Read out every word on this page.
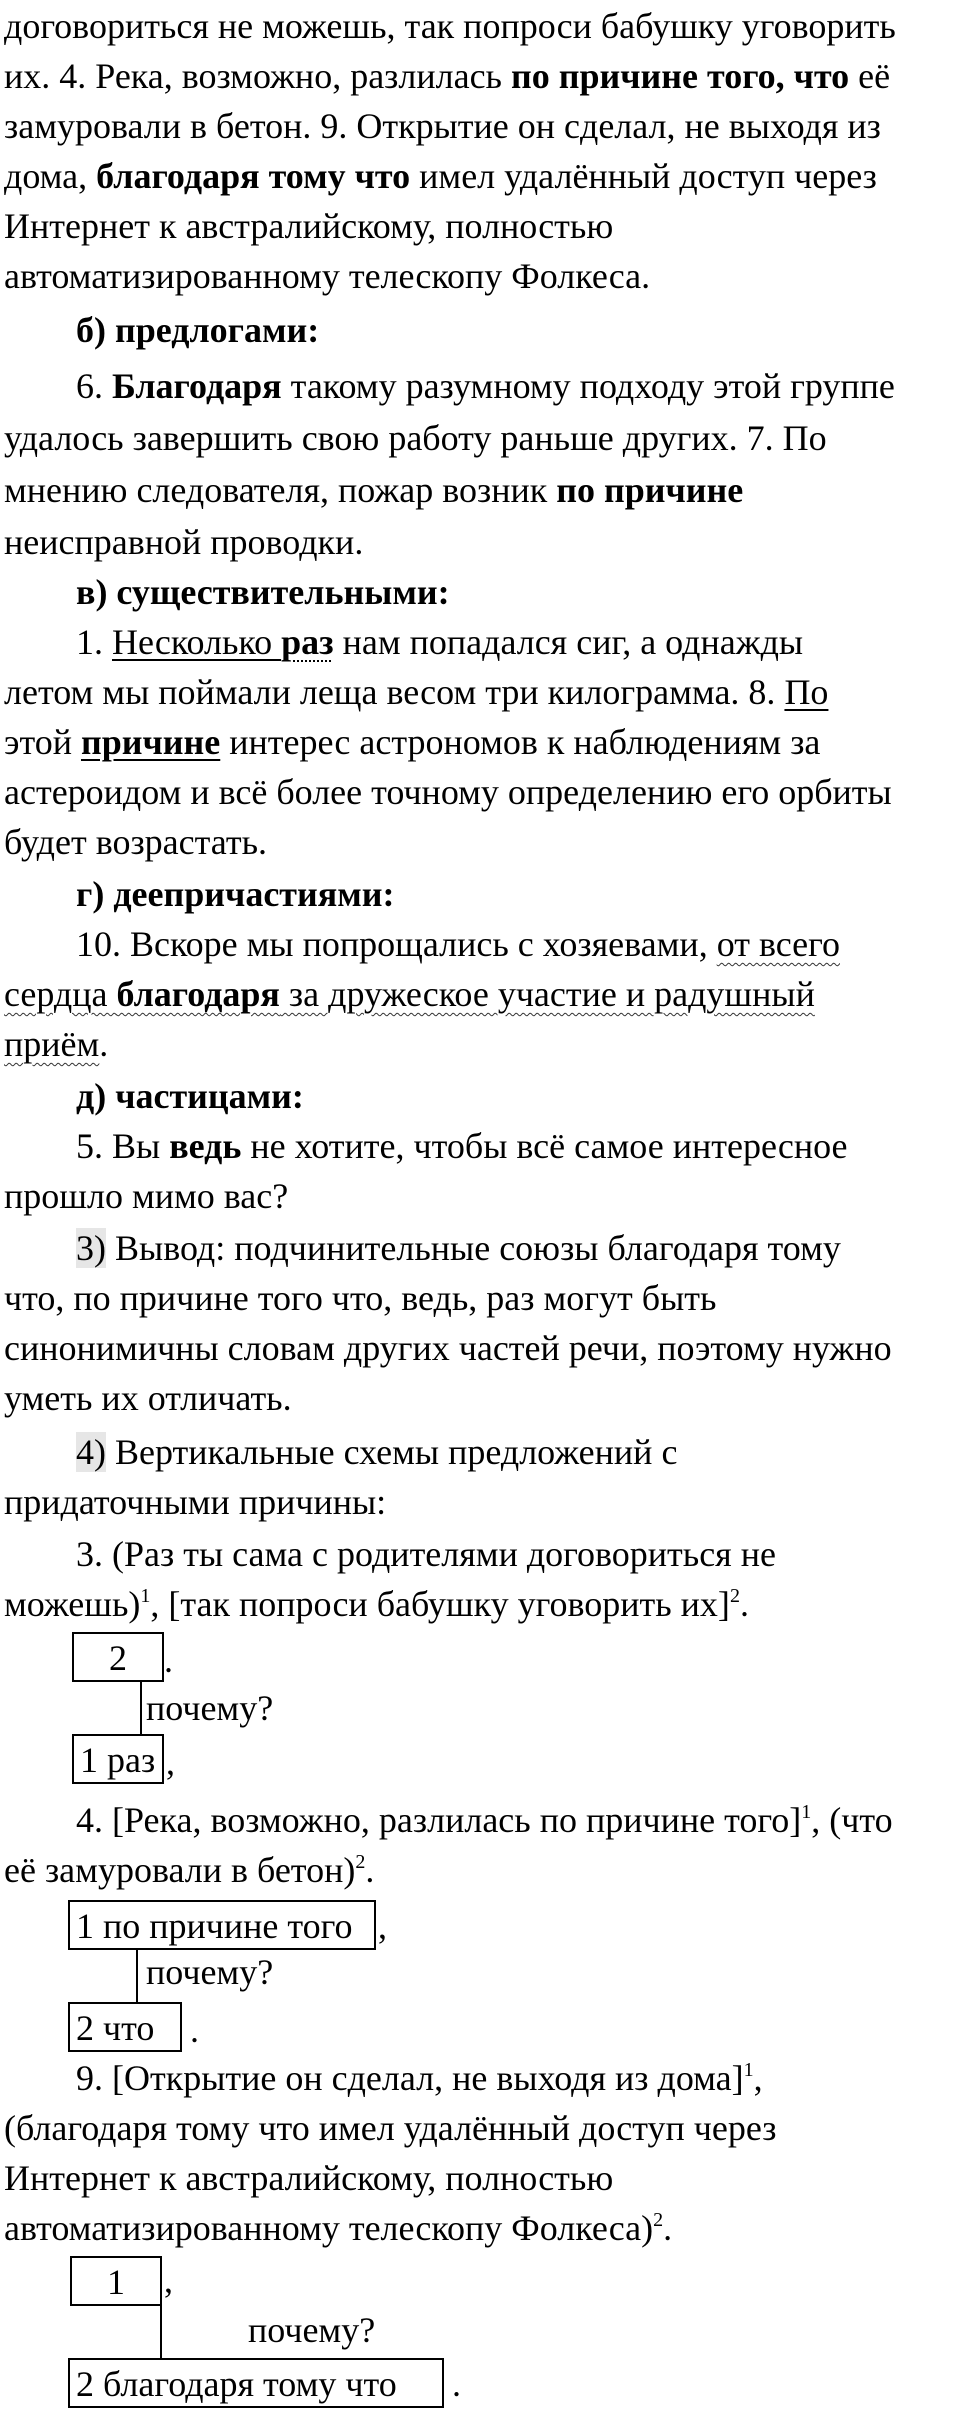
договориться не можешь, так попроси бабушку уговорить
их. 4. Река, возможно, разлилась по причине того, что её
замуровали в бетон. 9. Открытие он сделал, не выходя из
дома, благодаря тому что имел удалённый доступ через
Интернет к австралийскому, полностью
автоматизированному телескопу Фолкеса.
б) предлогами:
6. Благодаря такому разумному подходу этой группе
удалось завершить свою работу раньше других. 7. По
мнению следователя, пожар возник по причине
неисправной проводки.
в) существительными:
1. Несколько раз нам попадался сиг, а однажды
летом мы поймали леща весом три килограмма. 8. По
этой причине интерес астрономов к наблюдениям за
астероидом и всё более точному определению его орбиты
будет возрастать.
г) деепричастиями:
10. Вскоре мы попрощались с хозяевами, от всего
сердца благодаря за дружеское участие и радушный
приём.
д) частицами:
5. Вы ведь не хотите, чтобы всё самое интересное
прошло мимо вас?
3) Вывод: подчинительные союзы благодаря тому
что, по причине того что, ведь, раз могут быть
синонимичны словам других частей речи, поэтому нужно
уметь их отличать.
4) Вертикальные схемы предложений с
придаточными причины:
3. (Раз ты сама с родителями договориться не
можешь)$^1$, [так попроси бабушку уговорить их]$^2$.
2	.
почему?
1 раз ,
4. [Река, возможно, разлилась по причине того]$^1$, (что
её замуровали в бетон)$^2$.
1 по причине того ,
почему?
2 что .
9. [Открытие он сделал, не выходя из дома]$^1$,
(благодаря тому что имел удалённый доступ через
Интернет к австралийскому, полностью
автоматизированному телескопу Фолкеса)$^2$.
1	,
почему?
2 благодаря тому что	.
